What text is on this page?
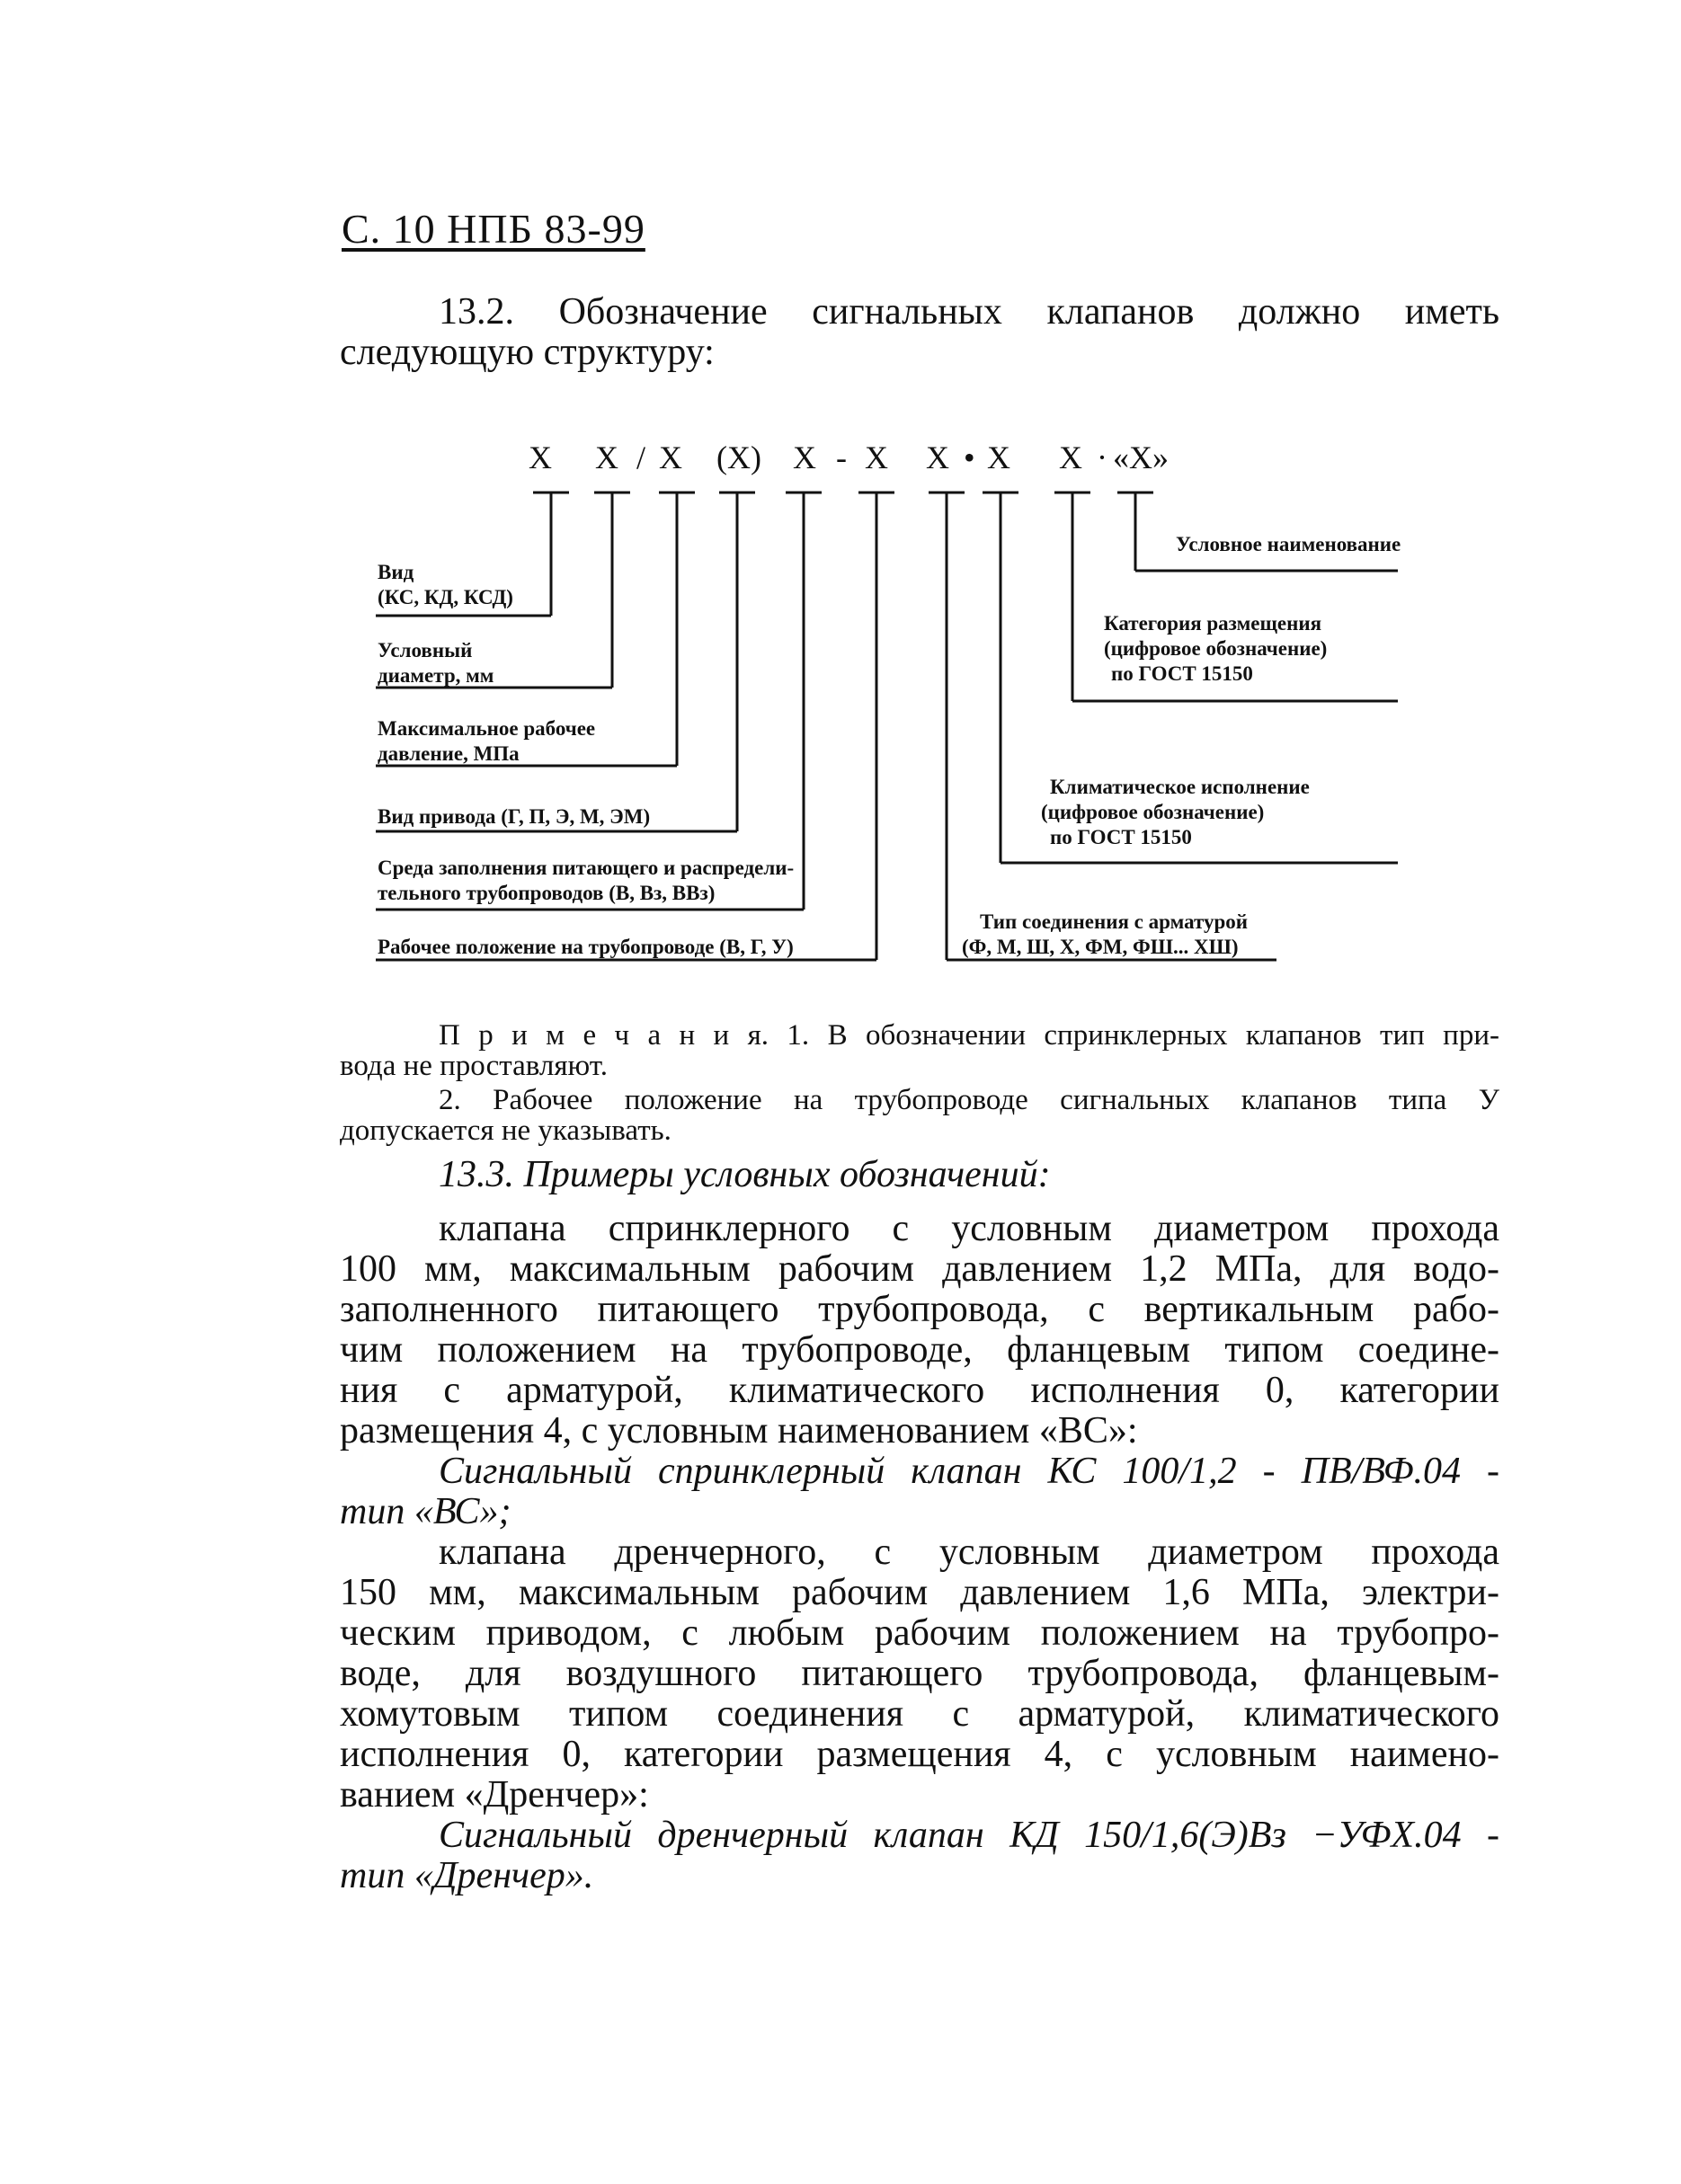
С. 10 НПБ 83-99
13.2. Обозначение сигнальных клапанов должно иметь
следующую структуру:
Х Х / Х (Х) Х - Х Х • Х Х · «Х»
Вид
(КС, КД, КСД)
Условный
диаметр, мм
Максимальное рабочее
давление, МПа
Вид привода (Г, П, Э, М, ЭМ)
Среда заполнения питающего и распредели-
тельного трубопроводов (В, Вз, ВВз)
Рабочее положение на трубопроводе (В, Г, У)
Условное наименование
Категория размещения
(цифровое обозначение)
по ГОСТ 15150
Климатическое исполнение
(цифровое обозначение)
по ГОСТ 15150
Тип соединения с арматурой
(Ф, М, Ш, Х, ФМ, ФШ... ХШ)
П р и м е ч а н и я. 1. В обозначении спринклерных клапанов тип при-
вода не проставляют.
2. Рабочее положение на трубопроводе сигнальных клапанов типа У
допускается не указывать.
13.3. Примеры условных обозначений:
клапана спринклерного с условным диаметром прохода
100 мм, максимальным рабочим давлением 1,2 МПа, для водо-
заполненного питающего трубопровода, с вертикальным рабо-
чим положением на трубопроводе, фланцевым типом соедине-
ния с арматурой, климатического исполнения 0, категории
размещения 4, с условным наименованием «ВС»:
Сигнальный спринклерный клапан КС 100/1,2 - ПВ/ВФ.04 -
тип «ВС»;
клапана дренчерного, с условным диаметром прохода
150 мм, максимальным рабочим давлением 1,6 МПа, электри-
ческим приводом, с любым рабочим положением на трубопро-
воде, для воздушного питающего трубопровода, фланцевым-
хомутовым типом соединения с арматурой, климатического
исполнения 0, категории размещения 4, с условным наимено-
ванием «Дренчер»:
Сигнальный дренчерный клапан КД 150/1,6(Э)Вз −УФХ.04 -
тип «Дренчер».
